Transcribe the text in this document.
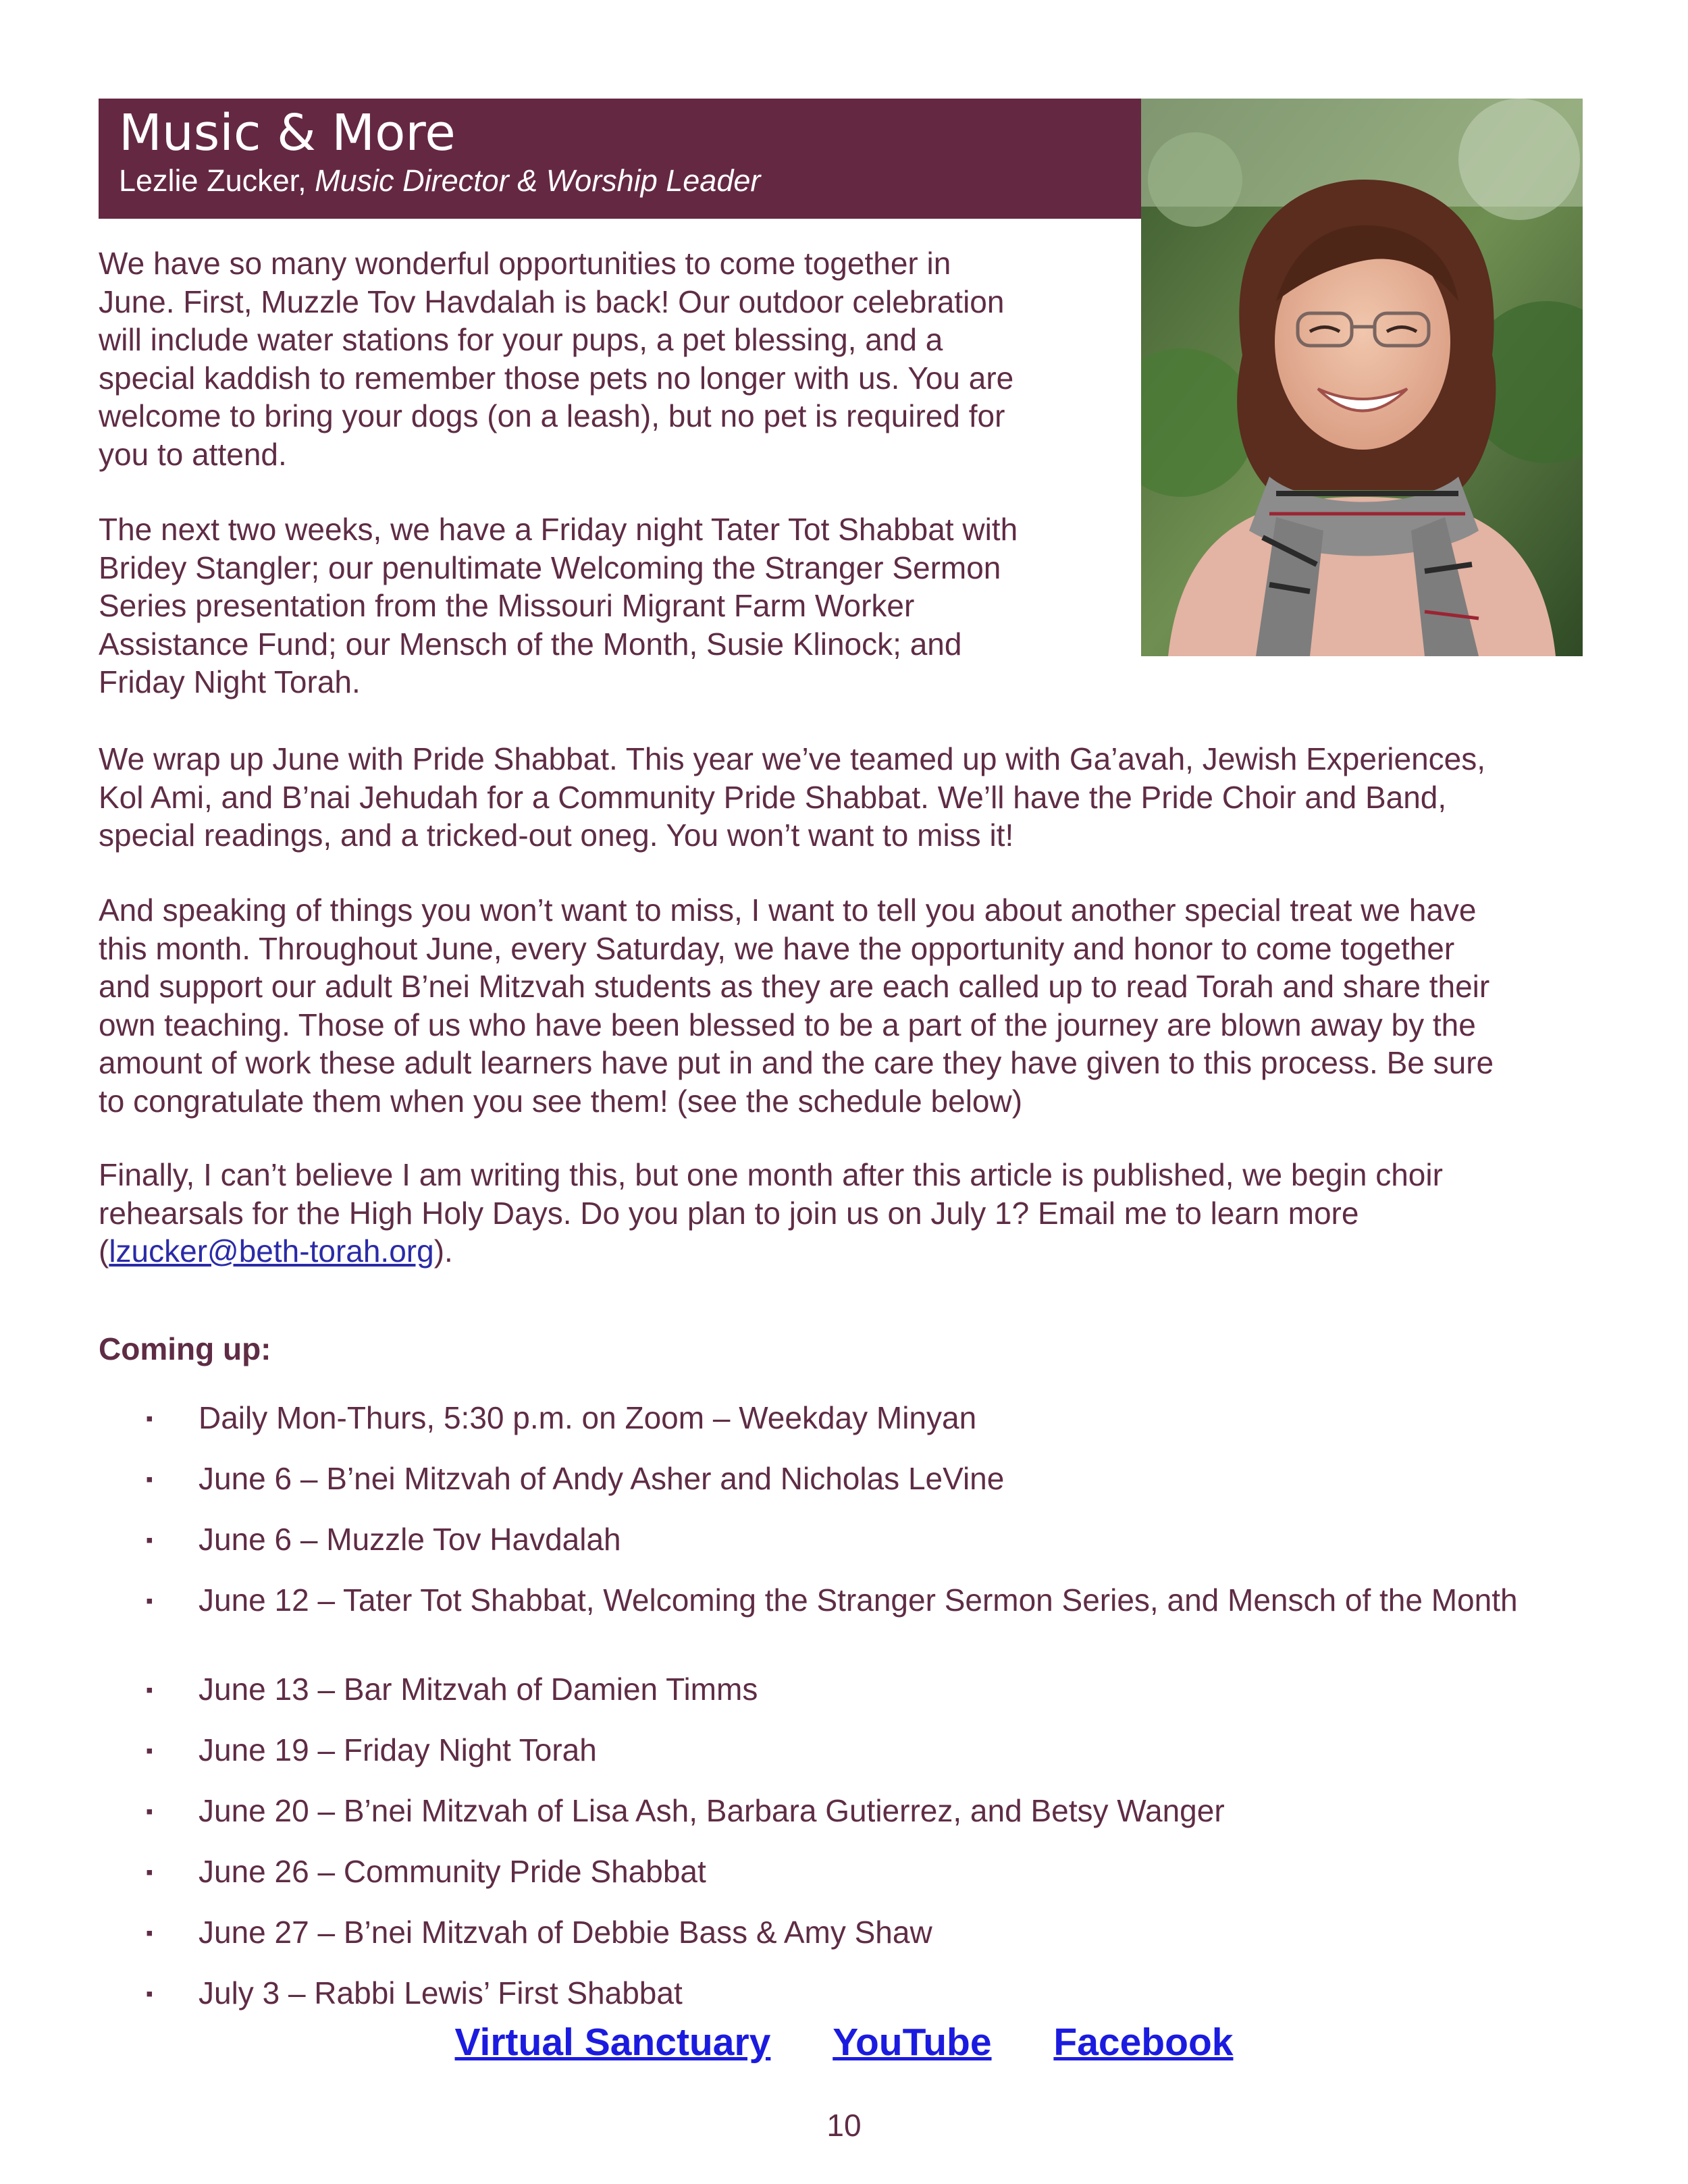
Music & More
Lezlie Zucker, Music Director & Worship Leader
We have so many wonderful opportunities to come together in
June. First, Muzzle Tov Havdalah is back! Our outdoor celebration
will include water stations for your pups, a pet blessing, and a
special kaddish to remember those pets no longer with us. You are
welcome to bring your dogs (on a leash), but no pet is required for
you to attend.
The next two weeks, we have a Friday night Tater Tot Shabbat with
Bridey Stangler; our penultimate Welcoming the Stranger Sermon
Series presentation from the Missouri Migrant Farm Worker
Assistance Fund; our Mensch of the Month, Susie Klinock; and
Friday Night Torah.
We wrap up June with Pride Shabbat. This year we’ve teamed up with Ga’avah, Jewish Experiences,
Kol Ami, and B’nai Jehudah for a Community Pride Shabbat. We’ll have the Pride Choir and Band,
special readings, and a tricked-out oneg. You won’t want to miss it!
And speaking of things you won’t want to miss, I want to tell you about another special treat we have
this month. Throughout June, every Saturday, we have the opportunity and honor to come together
and support our adult B’nei Mitzvah students as they are each called up to read Torah and share their
own teaching. Those of us who have been blessed to be a part of the journey are blown away by the
amount of work these adult learners have put in and the care they have given to this process. Be sure
to congratulate them when you see them! (see the schedule below)
Finally, I can’t believe I am writing this, but one month after this article is published, we begin choir
rehearsals for the High Holy Days. Do you plan to join us on July 1? Email me to learn more
(lzucker@beth-torah.org).
Coming up:
▪	Daily Mon-Thurs, 5:30 p.m. on Zoom – Weekday Minyan
▪	June 6 – B’nei Mitzvah of Andy Asher and Nicholas LeVine
▪	June 6 – Muzzle Tov Havdalah
▪	June 12 – Tater Tot Shabbat, Welcoming the Stranger Sermon Series, and Mensch of the Month
▪	June 13 – Bar Mitzvah of Damien Timms
▪	June 19 – Friday Night Torah
▪	June 20 – B’nei Mitzvah of Lisa Ash, Barbara Gutierrez, and Betsy Wanger
▪	June 26 – Community Pride Shabbat
▪	June 27 – B’nei Mitzvah of Debbie Bass & Amy Shaw
▪	July 3 – Rabbi Lewis’ First Shabbat
Virtual Sanctuary YouTube Facebook
10
